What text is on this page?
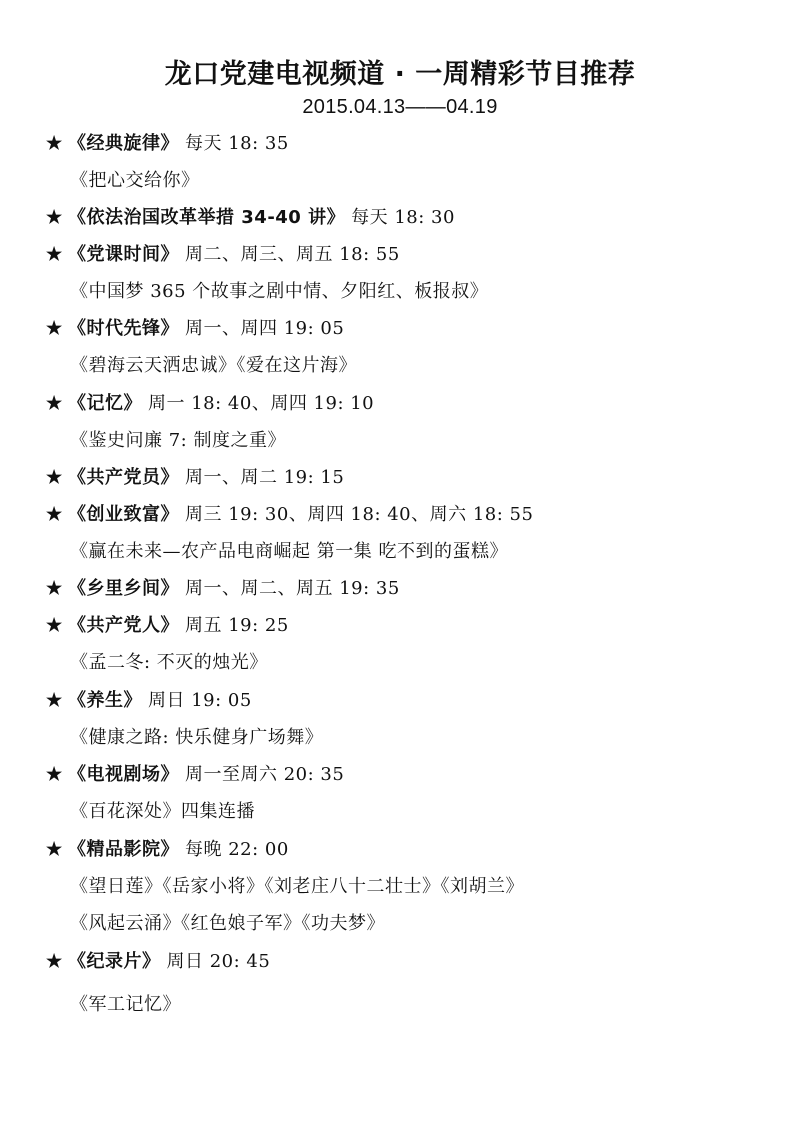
龙口党建电视频道 · 一周精彩节目推荐
2015.04.13——04.19
★ 《经典旋律》 每天 18: 35
《把心交给你》
★ 《依法治国改革举措 34-40 讲》 每天 18: 30
★ 《党课时间》 周二、周三、周五 18: 55
《中国梦 365 个故事之剧中情、夕阳红、板报叔》
★ 《时代先锋》 周一、周四 19: 05
《碧海云天洒忠诚》《爱在这片海》
★ 《记忆》 周一 18: 40、周四 19: 10
《鉴史问廉 7: 制度之重》
★ 《共产党员》 周一、周二 19: 15
★ 《创业致富》 周三 19: 30、周四 18: 40、周六 18: 55
《赢在未来—农产品电商崛起 第一集 吃不到的蛋糕》
★ 《乡里乡间》 周一、周二、周五 19: 35
★ 《共产党人》 周五 19: 25
《孟二冬: 不灭的烛光》
★ 《养生》 周日 19: 05
《健康之路: 快乐健身广场舞》
★ 《电视剧场》 周一至周六 20: 35
《百花深处》四集连播
★ 《精品影院》 每晚 22: 00
《望日莲》《岳家小将》《刘老庄八十二壮士》《刘胡兰》
《风起云涌》《红色娘子军》《功夫梦》
★ 《纪录片》 周日 20: 45
《军工记忆》
